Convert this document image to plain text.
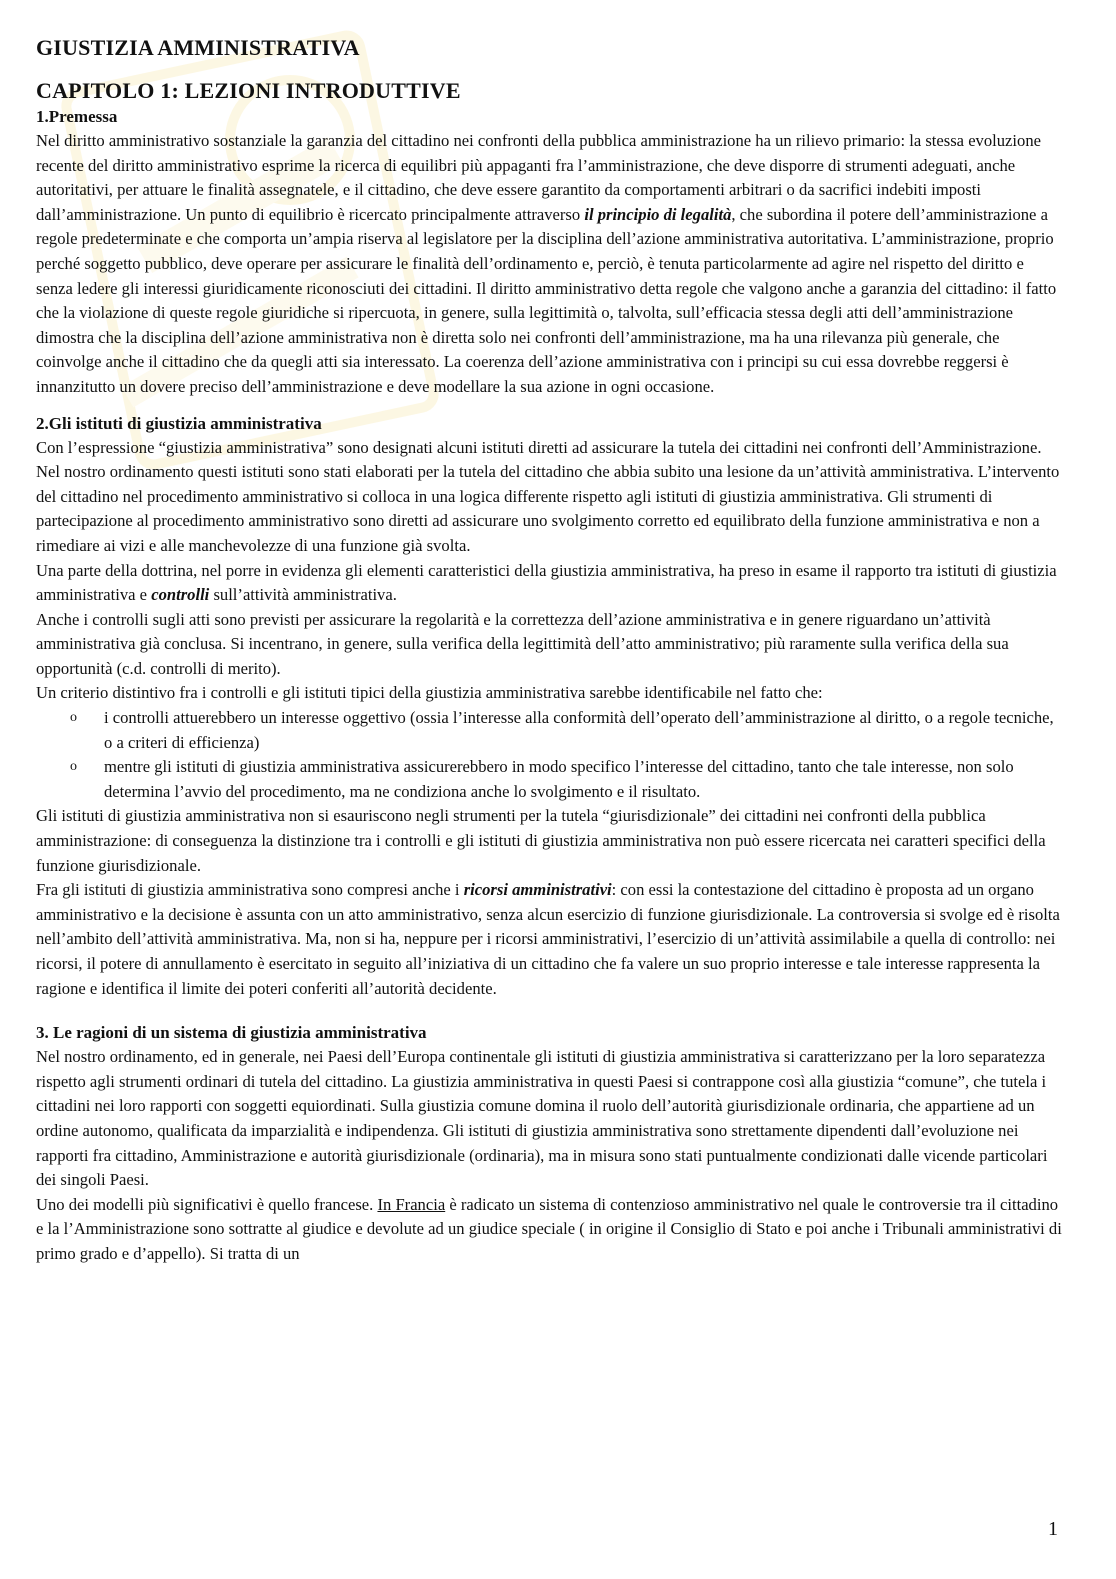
GIUSTIZIA AMMINISTRATIVA
CAPITOLO 1: LEZIONI INTRODUTTIVE
1.Premessa

Nel diritto amministrativo sostanziale la garanzia del cittadino nei confronti della pubblica amministrazione ha un rilievo primario: la stessa evoluzione recente del diritto amministrativo esprime la ricerca di equilibri più appaganti fra l’amministrazione, che deve disporre di strumenti adeguati, anche autoritativi, per attuare le finalità assegnatele, e il cittadino, che deve essere garantito da comportamenti arbitrari o da sacrifici indebiti imposti dall’amministrazione. Un punto di equilibrio è ricercato principalmente attraverso il principio di legalità, che subordina il potere dell’amministrazione a regole predeterminate e che comporta un’ampia riserva al legislatore per la disciplina dell’azione amministrativa autoritativa. L’amministrazione, proprio perché soggetto pubblico, deve operare per assicurare le finalità dell’ordinamento e, perciò, è tenuta particolarmente ad agire nel rispetto del diritto e senza ledere gli interessi giuridicamente riconosciuti dei cittadini. Il diritto amministrativo detta regole che valgono anche a garanzia del cittadino: il fatto che la violazione di queste regole giuridiche si ripercuota, in genere, sulla legittimità o, talvolta, sull’efficacia stessa degli atti dell’amministrazione dimostra che la disciplina dell’azione amministrativa non è diretta solo nei confronti dell’amministrazione, ma ha una rilevanza più generale, che coinvolge anche il cittadino che da quegli atti sia interessato. La coerenza dell’azione amministrativa con i principi su cui essa dovrebbe reggersi è innanzitutto un dovere preciso dell’amministrazione e deve modellare la sua azione in ogni occasione.

2.Gli istituti di giustizia amministrativa

Con l’espressione “giustizia amministrativa” sono designati alcuni istituti diretti ad assicurare la tutela dei cittadini nei confronti dell’Amministrazione. Nel nostro ordinamento questi istituti sono stati elaborati per la tutela del cittadino che abbia subito una lesione da un’attività amministrativa. L’intervento del cittadino nel procedimento amministrativo si colloca in una logica differente rispetto agli istituti di giustizia amministrativa. Gli strumenti di partecipazione al procedimento amministrativo sono diretti ad assicurare uno svolgimento corretto ed equilibrato della funzione amministrativa e non a rimediare ai vizi e alle manchevolezze di una funzione già svolta.

Una parte della dottrina, nel porre in evidenza gli elementi caratteristici della giustizia amministrativa, ha preso in esame il rapporto tra istituti di giustizia amministrativa e controlli sull’attività amministrativa.

Anche i controlli sugli atti sono previsti per assicurare la regolarità e la correttezza dell’azione amministrativa e in genere riguardano un’attività amministrativa già conclusa. Si incentrano, in genere, sulla verifica della legittimità dell’atto amministrativo; più raramente sulla verifica della sua opportunità (c.d. controlli di merito).

Un criterio distintivo fra i controlli e gli istituti tipici della giustizia amministrativa sarebbe identificabile nel fatto che:

o i controlli attuerebbero un interesse oggettivo (ossia l’interesse alla conformità dell’operato dell’amministrazione al diritto, o a regole tecniche, o a criteri di efficienza)
o mentre gli istituti di giustizia amministrativa assicurerebbero in modo specifico l’interesse del cittadino, tanto che tale interesse, non solo determina l’avvio del procedimento, ma ne condiziona anche lo svolgimento e il risultato.

Gli istituti di giustizia amministrativa non si esauriscono negli strumenti per la tutela “giurisdizionale” dei cittadini nei confronti della pubblica amministrazione: di conseguenza la distinzione tra i controlli e gli istituti di giustizia amministrativa non può essere ricercata nei caratteri specifici della funzione giurisdizionale.

Fra gli istituti di giustizia amministrativa sono compresi anche i ricorsi amministrativi: con essi la contestazione del cittadino è proposta ad un organo amministrativo e la decisione è assunta con un atto amministrativo, senza alcun esercizio di funzione giurisdizionale. La controversia si svolge ed è risolta nell’ambito dell’attività amministrativa. Ma, non si ha, neppure per i ricorsi amministrativi, l’esercizio di un’attività assimilabile a quella di controllo: nei ricorsi, il potere di annullamento è esercitato in seguito all’iniziativa di un cittadino che fa valere un suo proprio interesse e tale interesse rappresenta la ragione e identifica il limite dei poteri conferiti all’autorità decidente.

3. Le ragioni di un sistema di giustizia amministrativa

Nel nostro ordinamento, ed in generale, nei Paesi dell’Europa continentale gli istituti di giustizia amministrativa si caratterizzano per la loro separatezza rispetto agli strumenti ordinari di tutela del cittadino. La giustizia amministrativa in questi Paesi si contrappone così alla giustizia “comune”, che tutela i cittadini nei loro rapporti con soggetti equiordinati. Sulla giustizia comune domina il ruolo dell’autorità giurisdizionale ordinaria, che appartiene ad un ordine autonomo, qualificata da imparzialità e indipendenza. Gli istituti di giustizia amministrativa sono strettamente dipendenti dall’evoluzione nei rapporti fra cittadino, Amministrazione e autorità giurisdizionale (ordinaria), ma in misura sono stati puntualmente condizionati dalle vicende particolari dei singoli Paesi.

Uno dei modelli più significativi è quello francese. In Francia è radicato un sistema di contenzioso amministrativo nel quale le controversie tra il cittadino e la l’Amministrazione sono sottratte al giudice e devolute ad un giudice speciale ( in origine il Consiglio di Stato e poi anche i Tribunali amministrativi di primo grado e d’appello). Si tratta di un

1
